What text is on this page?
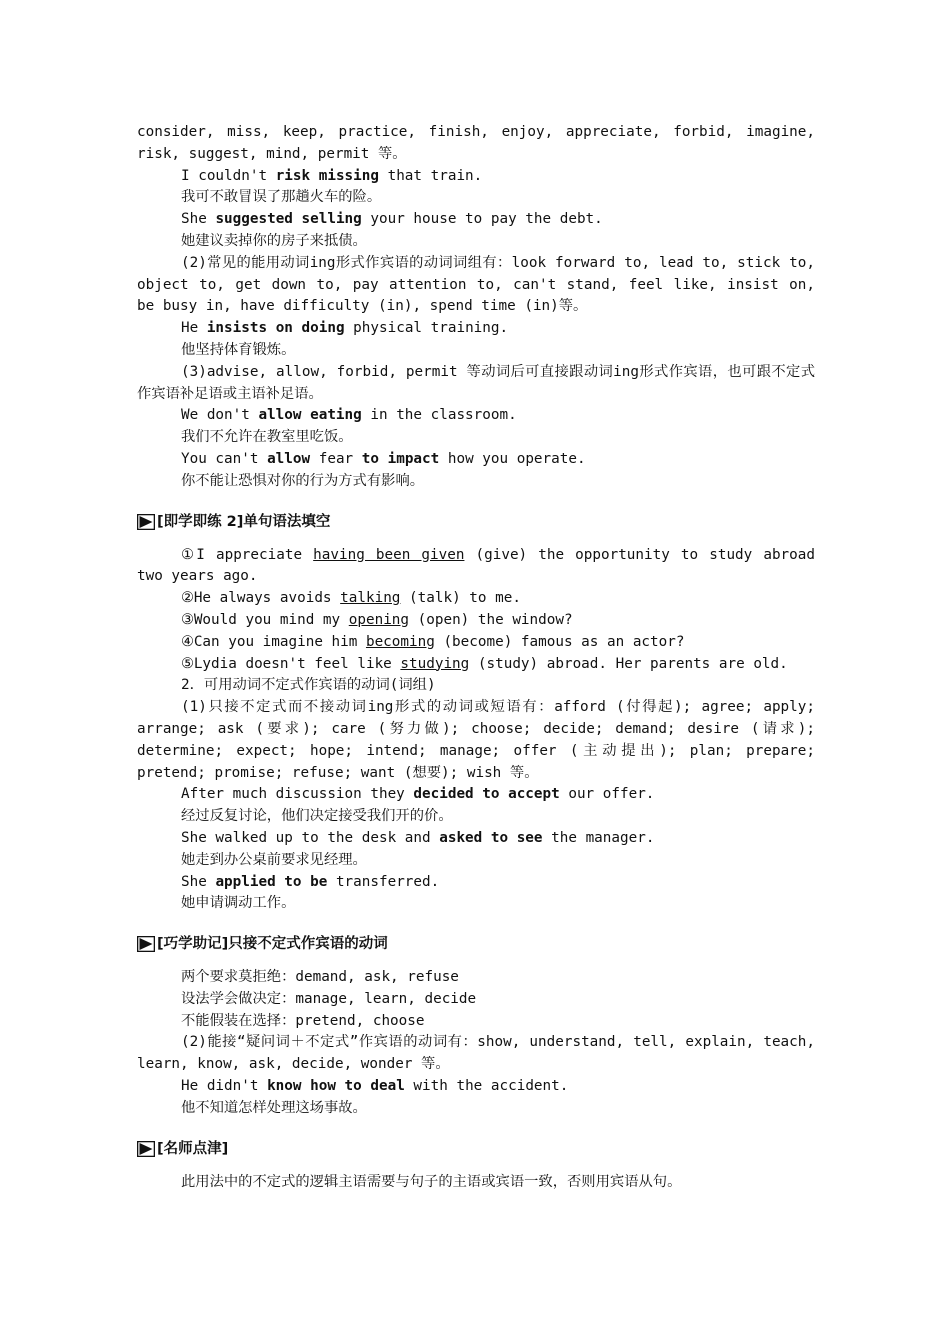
consider, miss, keep, practice, finish, enjoy, appreciate, forbid, imagine, risk, suggest, mind, permit 等。

I couldn't risk missing that train.

我可不敢冒误了那趟火车的险。

She suggested selling your house to pay the debt.

她建议卖掉你的房子来抵债。

(2)常见的能用动词ing形式作宾语的动词词组有：look forward to, lead to, stick to, object to, get down to, pay attention to, can't stand, feel like, insist on, be busy in, have difficulty (in), spend time (in)等。

He insists on doing physical training.

他坚持体育锻炼。

(3)advise, allow, forbid, permit 等动词后可直接跟动词ing形式作宾语，也可跟不定式作宾语补足语或主语补足语。

We don't allow eating in the classroom.

我们不允许在教室里吃饭。

You can't allow fear to impact how you operate.

你不能让恐惧对你的行为方式有影响。

[即学即练 2]单句语法填空

①I appreciate having been given (give) the opportunity to study abroad two years ago.

②He always avoids talking (talk) to me.

③Would you mind my opening (open) the window?

④Can you imagine him becoming (become) famous as an actor?

⑤Lydia doesn't feel like studying (study) abroad. Her parents are old.

2．可用动词不定式作宾语的动词(词组)

(1)只接不定式而不接动词ing形式的动词或短语有：afford (付得起); agree; apply; arrange; ask (要求); care (努力做); choose; decide; demand; desire (请求); determine; expect; hope; intend; manage; offer (主动提出); plan; prepare; pretend; promise; refuse; want (想要); wish 等。

After much discussion they decided to accept our offer.

经过反复讨论，他们决定接受我们开的价。

She walked up to the desk and asked to see the manager.

她走到办公桌前要求见经理。

She applied to be transferred.

她申请调动工作。

[巧学助记]只接不定式作宾语的动词

两个要求莫拒绝：demand, ask, refuse

设法学会做决定：manage, learn, decide

不能假装在选择：pretend, choose

(2)能接“疑问词＋不定式”作宾语的动词有：show, understand, tell, explain, teach, learn, know, ask, decide, wonder 等。

He didn't know how to deal with the accident.

他不知道怎样处理这场事故。

[名师点津]

此用法中的不定式的逻辑主语需要与句子的主语或宾语一致，否则用宾语从句。
